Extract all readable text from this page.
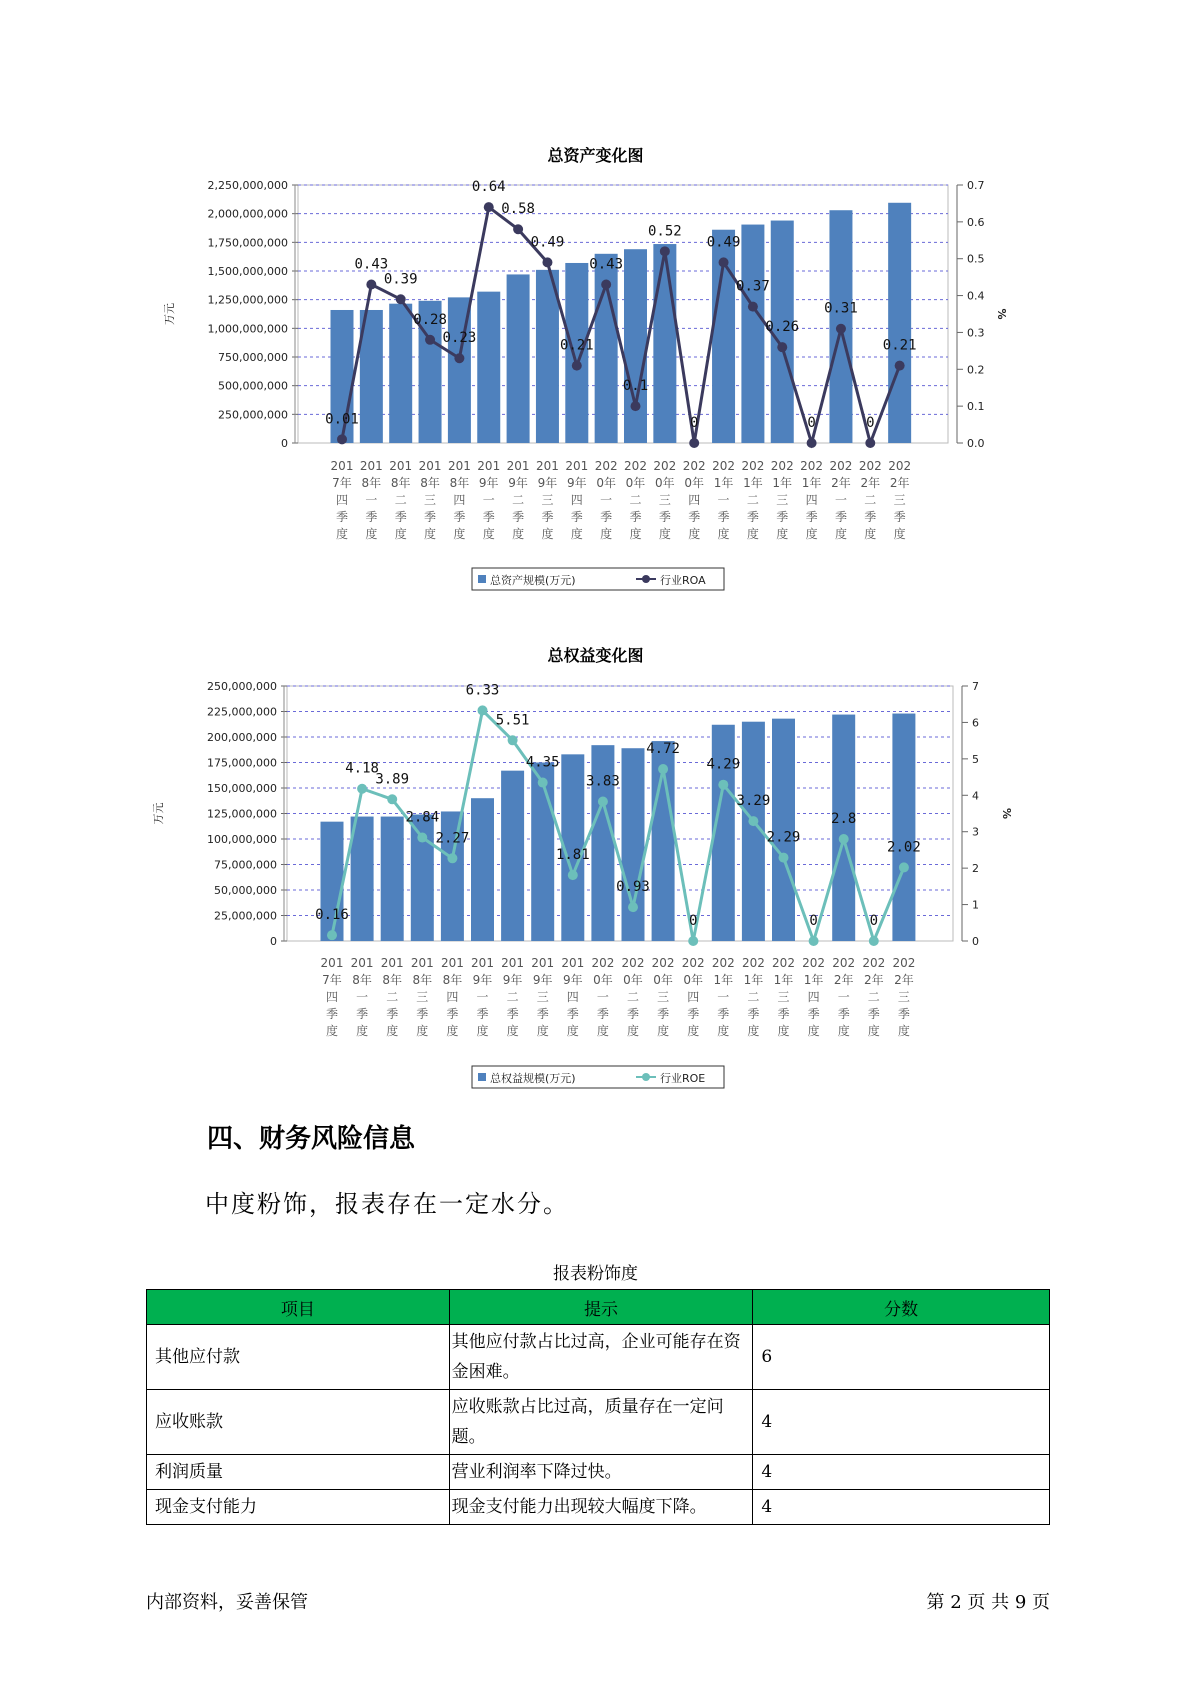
总资产变化图
0
250,000,000
500,000,000
750,000,000
1,000,000,000
1,250,000,000
1,500,000,000
1,750,000,000
2,000,000,000
2,250,000,000
0.0
0.1
0.2
0.3
0.4
0.5
0.6
0.7
万元	%
0.01
0.43
0.39
0.28
0.23
0.64
0.58
0.49
0.21
0.43
0.1
0.52
0
0.49
0.37
0.26
0
0.31
0
0.21
201
7年
四
季
度
201
8年
一
季
度
201
8年
二
季
度
201
8年
三
季
度
201
8年
四
季
度
201
9年
一
季
度
201
9年
二
季
度
201
9年
三
季
度
201
9年
四
季
度
202
0年
一
季
度
202
0年
二
季
度
202
0年
三
季
度
202
0年
四
季
度
202
1年
一
季
度
202
1年
二
季
度
202
1年
三
季
度
202
1年
四
季
度
202
2年
一
季
度
202
2年
二
季
度
202
2年
三
季
度
总资产规模(万元)	行业ROA
总权益变化图
0
25,000,000
50,000,000
75,000,000
100,000,000
125,000,000
150,000,000
175,000,000
200,000,000
225,000,000
250,000,000
0
1
2
3
4
5
6
7
万元	%
0.16
4.18
3.89
2.84
2.27
6.33
5.51
4.35
1.81
3.83
0.93
4.72
0
4.29
3.29
2.29
0
2.8
0
2.02
201
7年
四
季
度
201
8年
一
季
度
201
8年
二
季
度
201
8年
三
季
度
201
8年
四
季
度
201
9年
一
季
度
201
9年
二
季
度
201
9年
三
季
度
201
9年
四
季
度
202
0年
一
季
度
202
0年
二
季
度
202
0年
三
季
度
202
0年
四
季
度
202
1年
一
季
度
202
1年
二
季
度
202
1年
三
季
度
202
1年
四
季
度
202
2年
一
季
度
202
2年
二
季
度
202
2年
三
季
度
总权益规模(万元)	行业ROE
四、财务风险信息
中度粉饰，报表存在一定水分。
报表粉饰度
项目	提示	分数
其他应付款	其他应付款占比过高，企业可能存在资金困难。	6
应收账款	应收账款占比过高，质量存在一定问题。	4
利润质量	营业利润率下降过快。	4
现金支付能力	现金支付能力出现较大幅度下降。	4
内部资料，妥善保管	第 2 页 共 9 页
